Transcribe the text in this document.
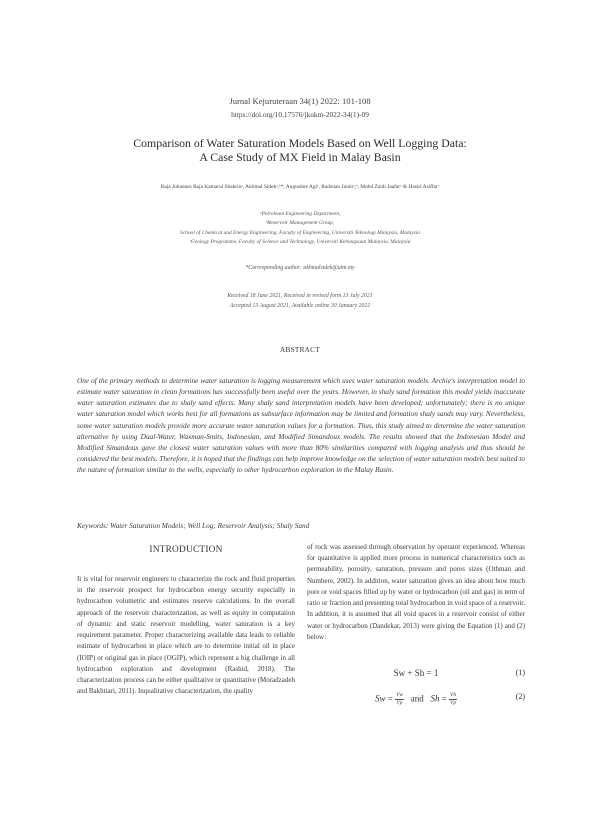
Jurnal Kejuruteraan 34(1) 2022: 101-108
https://doi.org/10.17576/jkukm-2022-34(1)-09
Comparison of Water Saturation Models Based on Well Logging Data:
A Case Study of MX Field in Malay Basin
Raja Johannes Raja Kamarul Shahrinᵃ, Akhmal Sidekᵃ,ᵇ*, Augustine Agiᵃ, Radzuan Juninᵃ,ᵇ, Mohd Zaidi Jaafarᵃ & Hasiri Asiffarᶜ
ᵃPetroleum Engineering Department,
ᵇReservoir Management Group,
School of Chemical and Energy Engineering, Faculty of Engineering, Universiti Teknologi Malaysia, Malaysia
ᶜGeology Programme, Faculty of Science and Technology, Universiti Kebangsaan Malaysia, Malaysia
*Corresponding author: akhmalsidek@utm.my
Received 18 June 2021, Received in revised form 13 July 2021
Accepted 13 August 2021, Available online 30 January 2022
ABSTRACT
One of the primary methods to determine water saturation is logging measurement which uses water saturation models. Archie's interpretation model to estimate water saturation in clean formations has successfully been useful over the years. However, in shaly sand formation this model yields inaccurate water saturation estimates due to shaly sand effects. Many shaly sand interpretation models have been developed; unfortunately; there is no unique water saturation model which works best for all formations as subsurface information may be limited and formation shaly sands may vary. Nevertheless, some water saturation models provide more accurate water saturation values for a formation. Thus, this study aimed to determine the water saturation alternative by using Dual-Water, Waxman-Smits, Indonesian, and Modified Simandoux models. The results showed that the Indonesian Model and Modified Simandoux gave the closest water saturation values with more than 80% similarities compared with logging analysis and thus should be considered the best models. Therefore, it is hoped that the findings can help improve knowledge on the selection of water saturation models best suited to the nature of formation similar to the wells, especially to other hydrocarbon exploration in the Malay Basin.
Keywords: Water Saturation Models; Well Log; Reservoir Analysis; Shaly Sand
INTRODUCTION
It is vital for reservoir engineers to characterize the rock and fluid properties in the reservoir prospect for hydrocarbon energy security especially in hydrocarbon volumetric and estimates reserve calculations. In the overall approach of the reservoir characterization, as well as equity in computation of dynamic and static reservoir modelling, water saturation is a key requirement parameter. Proper characterizing available data leads to reliable estimate of hydrocarbon in place which are to determine initial oil in place (IOIP) or original gas in place (OGIP), which represent a big challenge in all hydrocarbon exploration and development (Rashid, 2018). The characterization process can be either qualitative or quantitative (Moradzadeh and Bakhtiari, 2011). Inqualitative characterization, the quality
of rock was assessed through observation by operator experienced. Whereas for quantitative is applied more process in numerical characteristics such as permeability, porosity, saturation, pressure and pores sizes (Othman and Numbere, 2002). In addition, water saturation gives an idea about how much pore or void spaces filled up by water or hydrocarbon (oil and gas) in term of ratio or fraction and presenting total hydrocarbon in void space of a reservoir. In addition, it is assumed that all void spaces in a reservoir consist of either water or hydrocarbon (Dandekar, 2013) were giving the Equation (1) and (2) below:
Sw + Sh = 1	(1)
$Sw = \frac{Vw}{Vp}$ and $Sh = \frac{Vh}{Vp}$	(2)
